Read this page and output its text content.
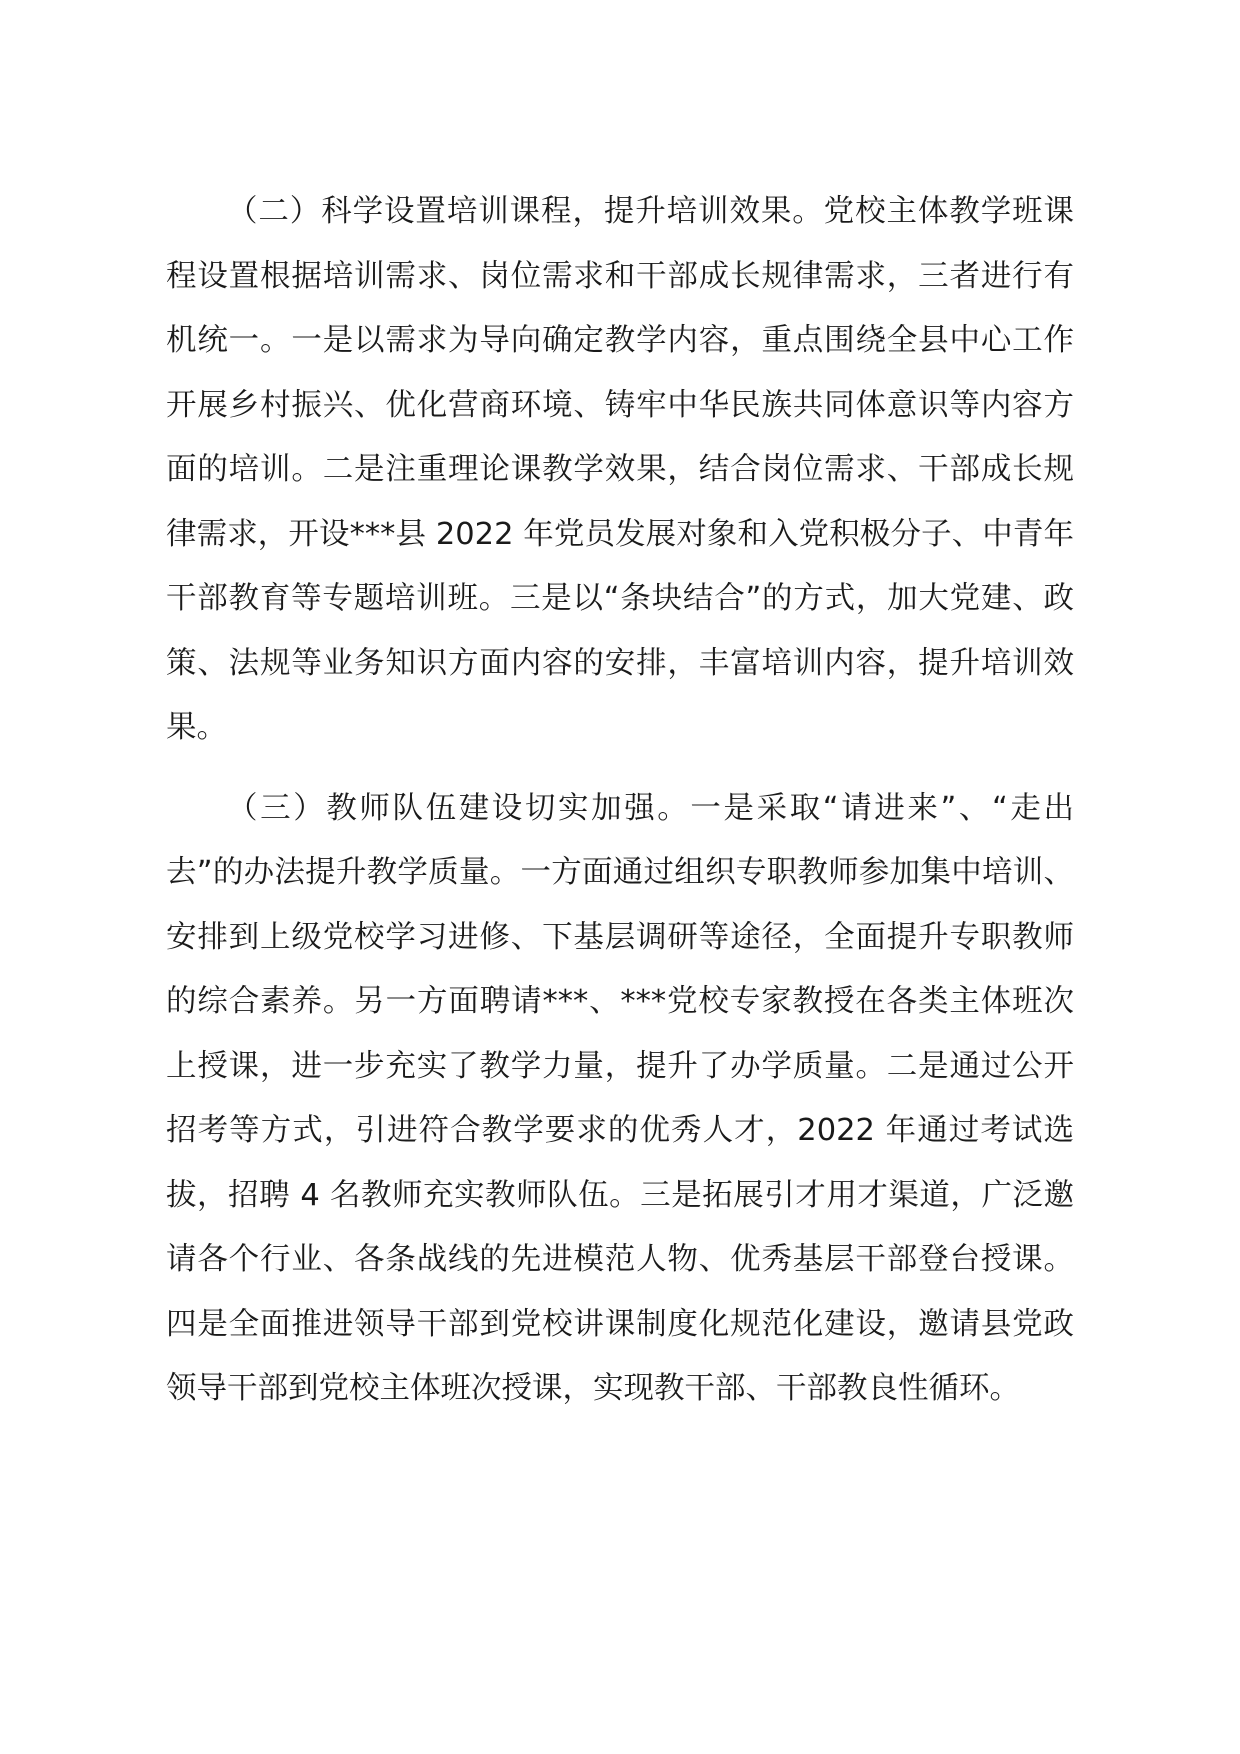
（二）科学设置培训课程，提升培训效果。党校主体教学班课程设置根据培训需求、岗位需求和干部成长规律需求，三者进行有机统一。一是以需求为导向确定教学内容，重点围绕全县中心工作开展乡村振兴、优化营商环境、铸牢中华民族共同体意识等内容方面的培训。二是注重理论课教学效果，结合岗位需求、干部成长规律需求，开设***县 2022 年党员发展对象和入党积极分子、中青年干部教育等专题培训班。三是以“条块结合”的方式，加大党建、政策、法规等业务知识方面内容的安排，丰富培训内容，提升培训效果。

（三）教师队伍建设切实加强。一是采取“请进来”、“走出去”的办法提升教学质量。一方面通过组织专职教师参加集中培训、安排到上级党校学习进修、下基层调研等途径，全面提升专职教师的综合素养。另一方面聘请***、***党校专家教授在各类主体班次上授课，进一步充实了教学力量，提升了办学质量。二是通过公开招考等方式，引进符合教学要求的优秀人才，2022 年通过考试选拔，招聘 4 名教师充实教师队伍。三是拓展引才用才渠道，广泛邀请各个行业、各条战线的先进模范人物、优秀基层干部登台授课。四是全面推进领导干部到党校讲课制度化规范化建设，邀请县党政领导干部到党校主体班次授课，实现教干部、干部教良性循环。
